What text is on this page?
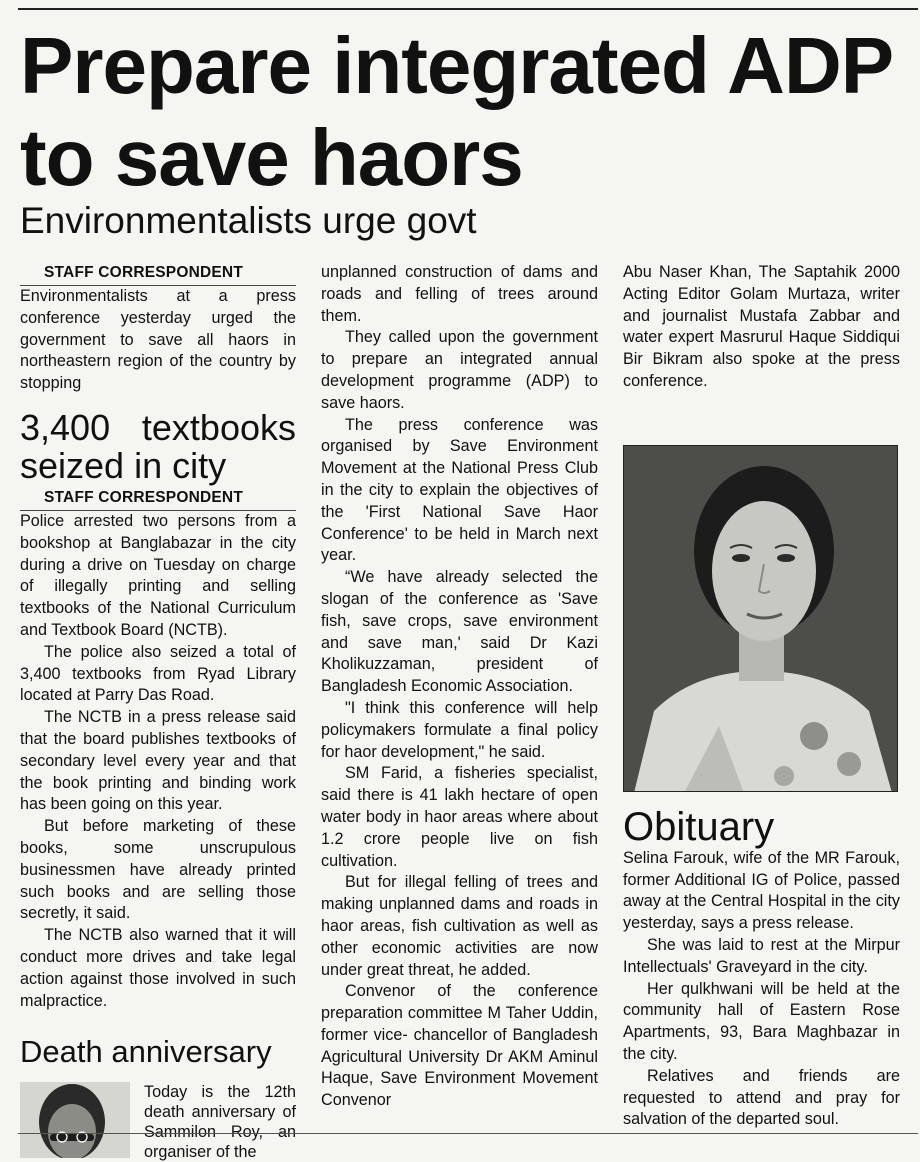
Prepare integrated ADP to save haors
Environmentalists urge govt

STAFF CORRESPONDENT

Environmentalists at a press conference yesterday urged the government to save all haors in northeastern region of the country by stopping

3,400 textbooks seized in city

STAFF CORRESPONDENT

Police arrested two persons from a bookshop at Banglabazar in the city during a drive on Tuesday on charge of illegally printing and selling textbooks of the National Curriculum and Textbook Board (NCTB).

The police also seized a total of 3,400 textbooks from Ryad Library located at Parry Das Road.

The NCTB in a press release said that the board publishes textbooks of secondary level every year and that the book printing and binding work has been going on this year.

But before marketing of these books, some unscrupulous businessmen have already printed such books and are selling those secretly, it said.

The NCTB also warned that it will conduct more drives and take legal action against those involved in such malpractice.

Death anniversary
Today is the 12th death anniversary of Sammilon Roy, an organiser of the

unplanned construction of dams and roads and felling of trees around them.

They called upon the government to prepare an integrated annual development programme (ADP) to save haors.

The press conference was organised by Save Environment Movement at the National Press Club in the city to explain the objectives of the 'First National Save Haor Conference' to be held in March next year.

“We have already selected the slogan of the conference as 'Save fish, save crops, save environment and save man,' said Dr Kazi Kholikuzzaman, president of Bangladesh Economic Association.

"I think this conference will help policymakers formulate a final policy for haor development," he said.

SM Farid, a fisheries specialist, said there is 41 lakh hectare of open water body in haor areas where about 1.2 crore people live on fish cultivation.

But for illegal felling of trees and making unplanned dams and roads in haor areas, fish cultivation as well as other economic activities are now under great threat, he added.

Convenor of the conference preparation committee M Taher Uddin, former vice- chancellor of Bangladesh Agricultural University Dr AKM Aminul Haque, Save Environment Movement Convenor

Abu Naser Khan, The Saptahik 2000 Acting Editor Golam Murtaza, writer and journalist Mustafa Zabbar and water expert Masrurul Haque Siddiqui Bir Bikram also spoke at the press conference.

Obituary

Selina Farouk, wife of the MR Farouk, former Additional IG of Police, passed away at the Central Hospital in the city yesterday, says a press release.

She was laid to rest at the Mirpur Intellectuals' Graveyard in the city.

Her qulkhwani will be held at the community hall of Eastern Rose Apartments, 93, Bara Maghbazar in the city.

Relatives and friends are requested to attend and pray for salvation of the departed soul.
